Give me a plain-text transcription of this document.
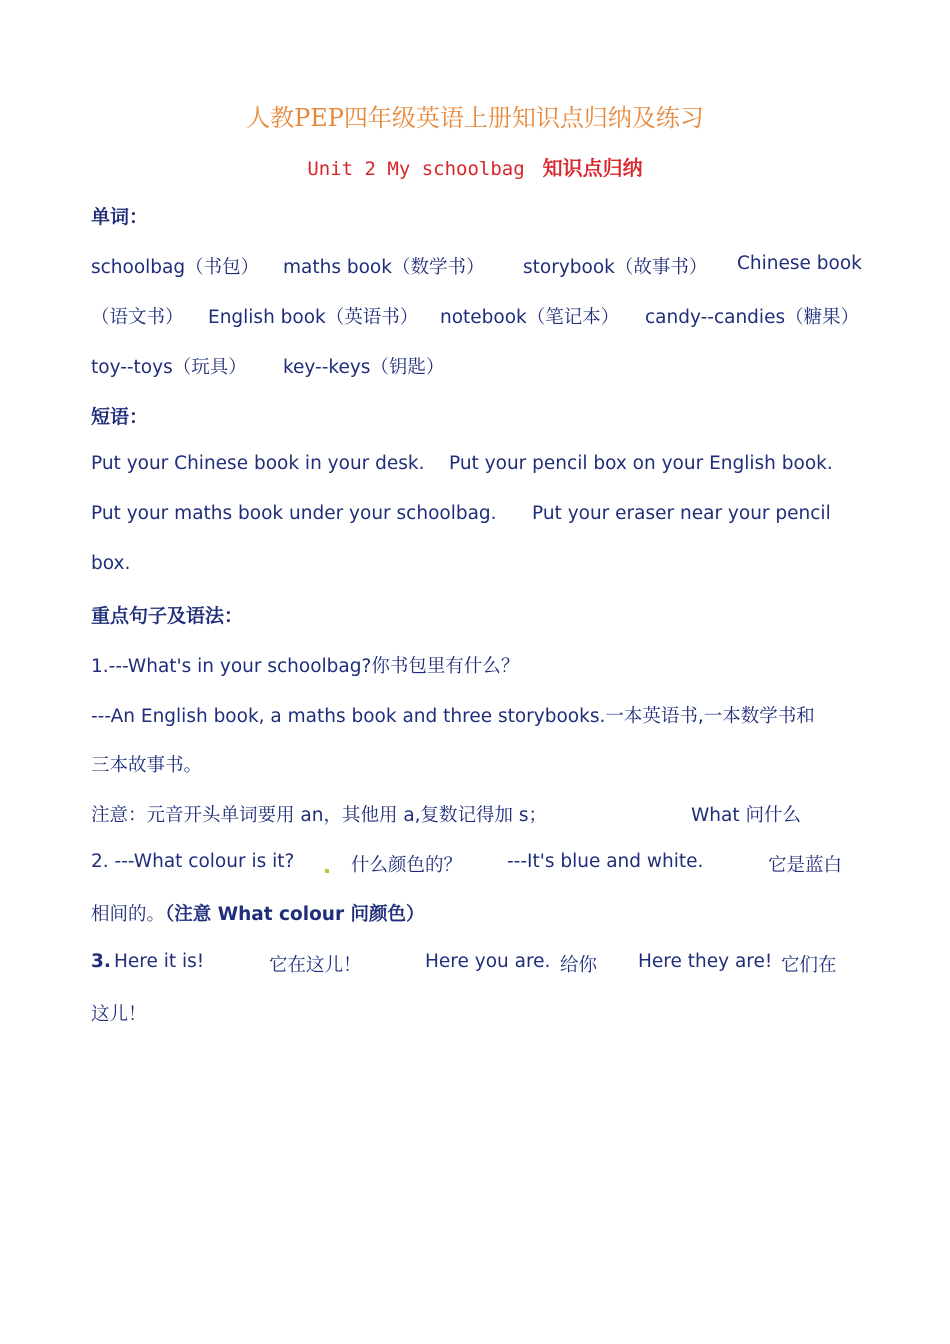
人教PEP四年级英语上册知识点归纳及练习
Unit 2 My schoolbag 知识点归纳
单词：
schoolbag（书包） maths book（数学书） storybook（故事书） Chinese book
（语文书） English book（英语书） notebook（笔记本） candy--candies（糖果）
toy--toys（玩具） key--keys（钥匙）
短语：
Put your Chinese book in your desk. Put your pencil box on your English book.
Put your maths book under your schoolbag. Put your eraser near your pencil
box.
重点句子及语法：
1.---What's in your schoolbag?你书包里有什么？
---An English book, a maths book and three storybooks.一本英语书,一本数学书和
三本故事书。
注意：元音开头单词要用 an，其他用 a,复数记得加 s；	What 问什么
2. ---What colour is it?	什么颜色的？ ---It's blue and white.	它是蓝白
相间的。（注意 What colour 问颜色）
3. Here it is!	它在这儿！	Here you are. 给你 Here they are! 它们在
这儿！
